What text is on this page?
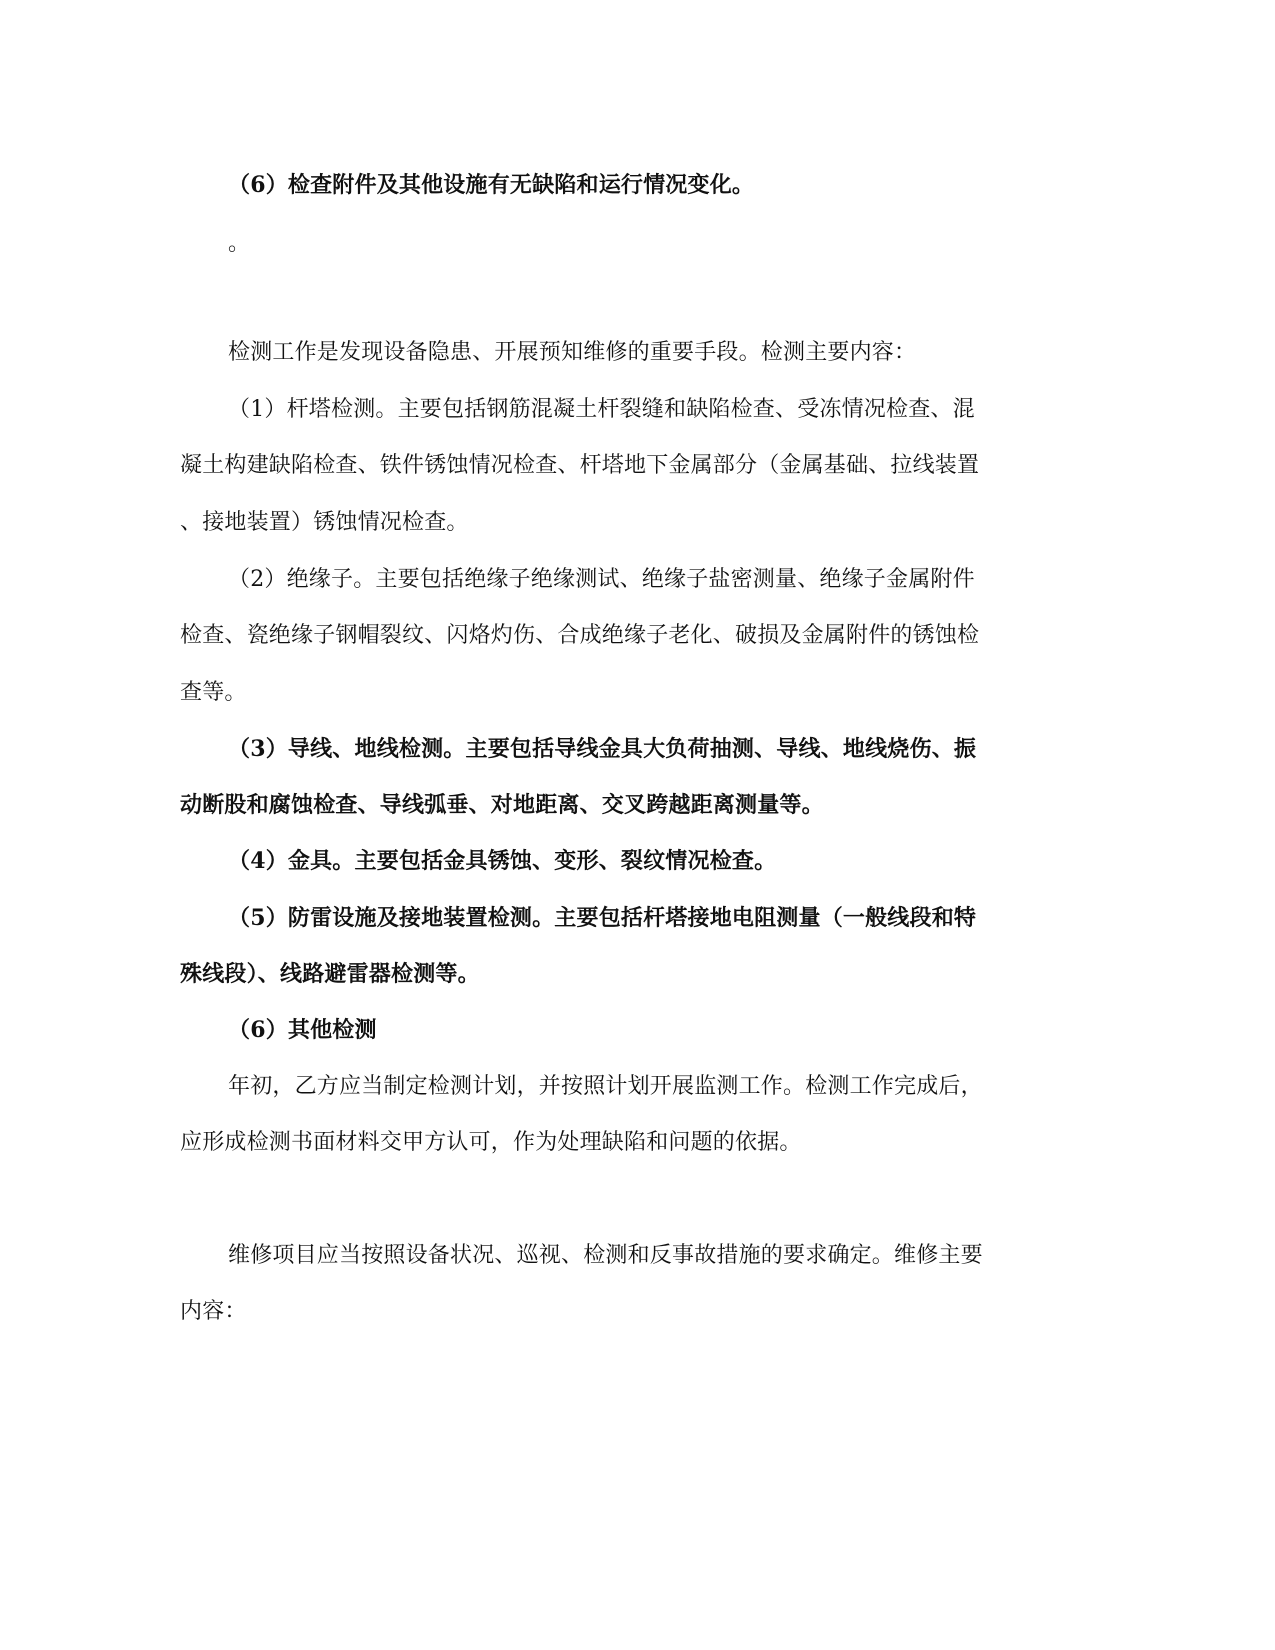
（6）检查附件及其他设施有无缺陷和运行情况变化。
。
检测工作是发现设备隐患、开展预知维修的重要手段。检测主要内容：
（1）杆塔检测。主要包括钢筋混凝土杆裂缝和缺陷检查、受冻情况检查、混
凝土构建缺陷检查、铁件锈蚀情况检查、杆塔地下金属部分（金属基础、拉线装置
、接地装置）锈蚀情况检查。
（2）绝缘子。主要包括绝缘子绝缘测试、绝缘子盐密测量、绝缘子金属附件
检查、瓷绝缘子钢帽裂纹、闪烙灼伤、合成绝缘子老化、破损及金属附件的锈蚀检
查等。
（3）导线、地线检测。主要包括导线金具大负荷抽测、导线、地线烧伤、振
动断股和腐蚀检查、导线弧垂、对地距离、交叉跨越距离测量等。
（4）金具。主要包括金具锈蚀、变形、裂纹情况检查。
（5）防雷设施及接地装置检测。主要包括杆塔接地电阻测量（一般线段和特
殊线段）、线路避雷器检测等。
（6）其他检测
年初，乙方应当制定检测计划，并按照计划开展监测工作。检测工作完成后，
应形成检测书面材料交甲方认可，作为处理缺陷和问题的依据。
维修项目应当按照设备状况、巡视、检测和反事故措施的要求确定。维修主要
内容：
